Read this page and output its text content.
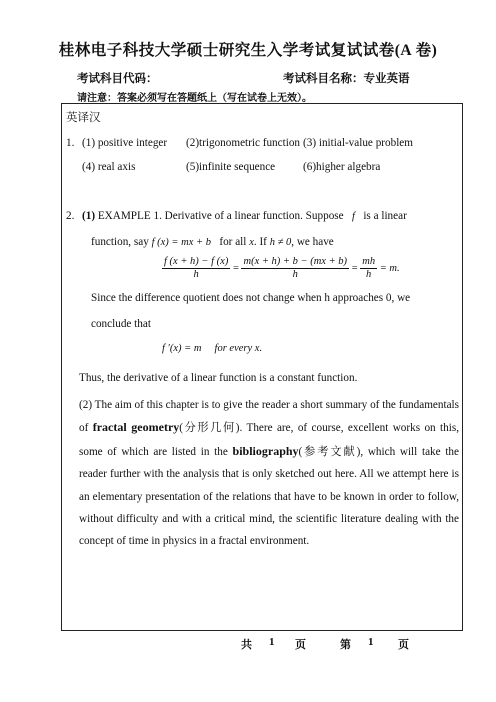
桂林电子科技大学硕士研究生入学考试复试试卷(A 卷)
考试科目代码：	考试科目名称：专业英语
请注意：答案必须写在答题纸上（写在试卷上无效）。
英译汉
1. (1) positive integer (2)trigonometric function (3) initial-value problem
(4) real axis	(5)infinite sequence (6)higher algebra
2. (1) EXAMPLE 1. Derivative of a linear function. Suppose   f   is a linear
function, say f (x) = mx + b   for all x. If h ≠ 0, we have
$\frac{f (x + h) - f (x)}{h} = \frac{m(x + h) + b - (mx + b)}{h} = \frac{mh}{h} = m$.
Since the difference quotient does not change when h approaches 0, we
conclude that
f ′(x) = m for every x.
Thus, the derivative of a linear function is a constant function.
(2) The aim of this chapter is to give the reader a short summary of the fundamentals of fractal geometry(分形几何). There are, of course, excellent works on this, some of which are listed in the bibliography(参考文献), which will take the reader further with the analysis that is only sketched out here. All we attempt here is an elementary presentation of the relations that have to be known in order to follow, without difficulty and with a critical mind, the scientific literature dealing with the concept of time in physics in a fractal environment.
共 1 页	第 1 页
